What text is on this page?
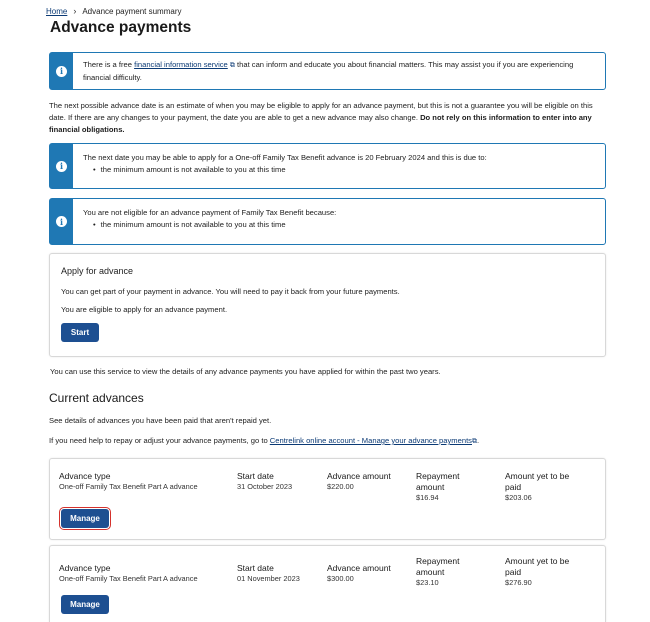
Home › Advance payment summary
Advance payments
i
There is a free financial information service ⧉ that can inform and educate you about financial matters. This may assist you if you are experiencing financial difficulty.
The next possible advance date is an estimate of when you may be eligible to apply for an advance payment, but this is not a guarantee you will be eligible on this date. If there are any changes to your payment, the date you are able to get a new advance may also change. Do not rely on this information to enter into any financial obligations.
i
The next date you may be able to apply for a One-off Family Tax Benefit advance is 20 February 2024 and this is due to:
• the minimum amount is not available to you at this time
i
You are not eligible for an advance payment of Family Tax Benefit because:
• the minimum amount is not available to you at this time
Apply for advance
You can get part of your payment in advance. You will need to pay it back from your future payments.
You are eligible to apply for an advance payment.
Start
You can use this service to view the details of any advance payments you have applied for within the past two years.
Current advances
See details of advances you have been paid that aren't repaid yet.
If you need help to repay or adjust your advance payments, go to Centrelink online account - Manage your advance payments⧉.
Advance type
One-off Family Tax Benefit Part A advance
Start date
31 October 2023
Advance amount
$220.00
Repayment
amount
$16.94
Amount yet to be
paid
$203.06
Manage
Advance type
One-off Family Tax Benefit Part A advance
Start date
01 November 2023
Advance amount
$300.00
Repayment
amount
$23.10
Amount yet to be
paid
$276.90
Manage
